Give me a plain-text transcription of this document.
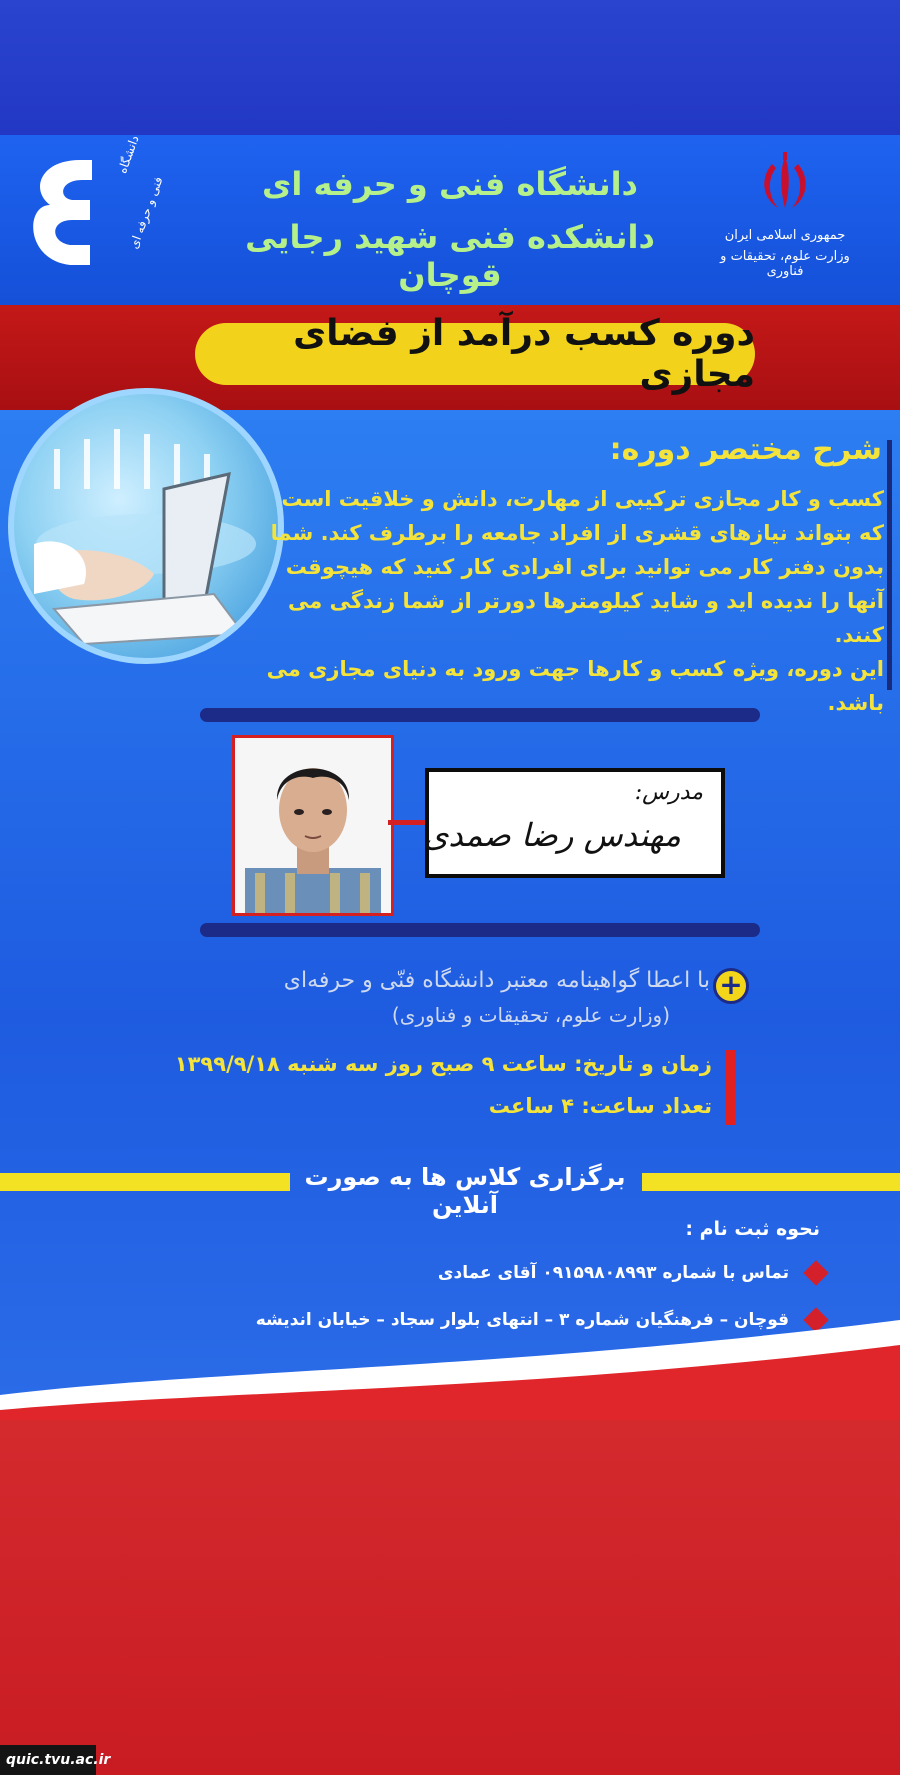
جمهوری اسلامی ایران
وزارت علوم، تحقیقات و فناوری
دانشگاه فنی و حرفه ای
دانشکده فنی شهید رجایی قوچان
دانشگاه
فنی و حرفه ای
دوره کسب درآمد از فضای مجازی
شرح مختصر دوره:
کسب و کار مجازی ترکیبی از مهارت، دانش و خلاقیت است که بتواند نیازهای قشری از افراد جامعه را برطرف کند. شما بدون دفتر کار می توانید برای افرادی کار کنید که هیچوقت آنها را ندیده اید و شاید کیلومترها دورتر از شما زندگی می کنند.
این دوره، ویژه کسب و کارها جهت ورود به دنیای مجازی می باشد.
مدرس:
مهندس رضا صمدی
+
با اعطا گواهینامه معتبر دانشگاه فنّی و حرفه‌ای
(وزارت علوم، تحقیقات و فناوری)
زمان و تاریخ: ساعت ۹ صبح روز سه شنبه ۱۳۹۹/۹/۱۸
تعداد ساعت: ۴ ساعت
برگزاری کلاس ها به صورت آنلاین
نحوه ثبت نام :
تماس با شماره ۰۹۱۵۹۸۰۸۹۹۳ آقای عمادی
قوچان – فرهنگیان شماره ۳ – انتهای بلوار سجاد – خیابان اندیشه
quic.tvu.ac.ir
